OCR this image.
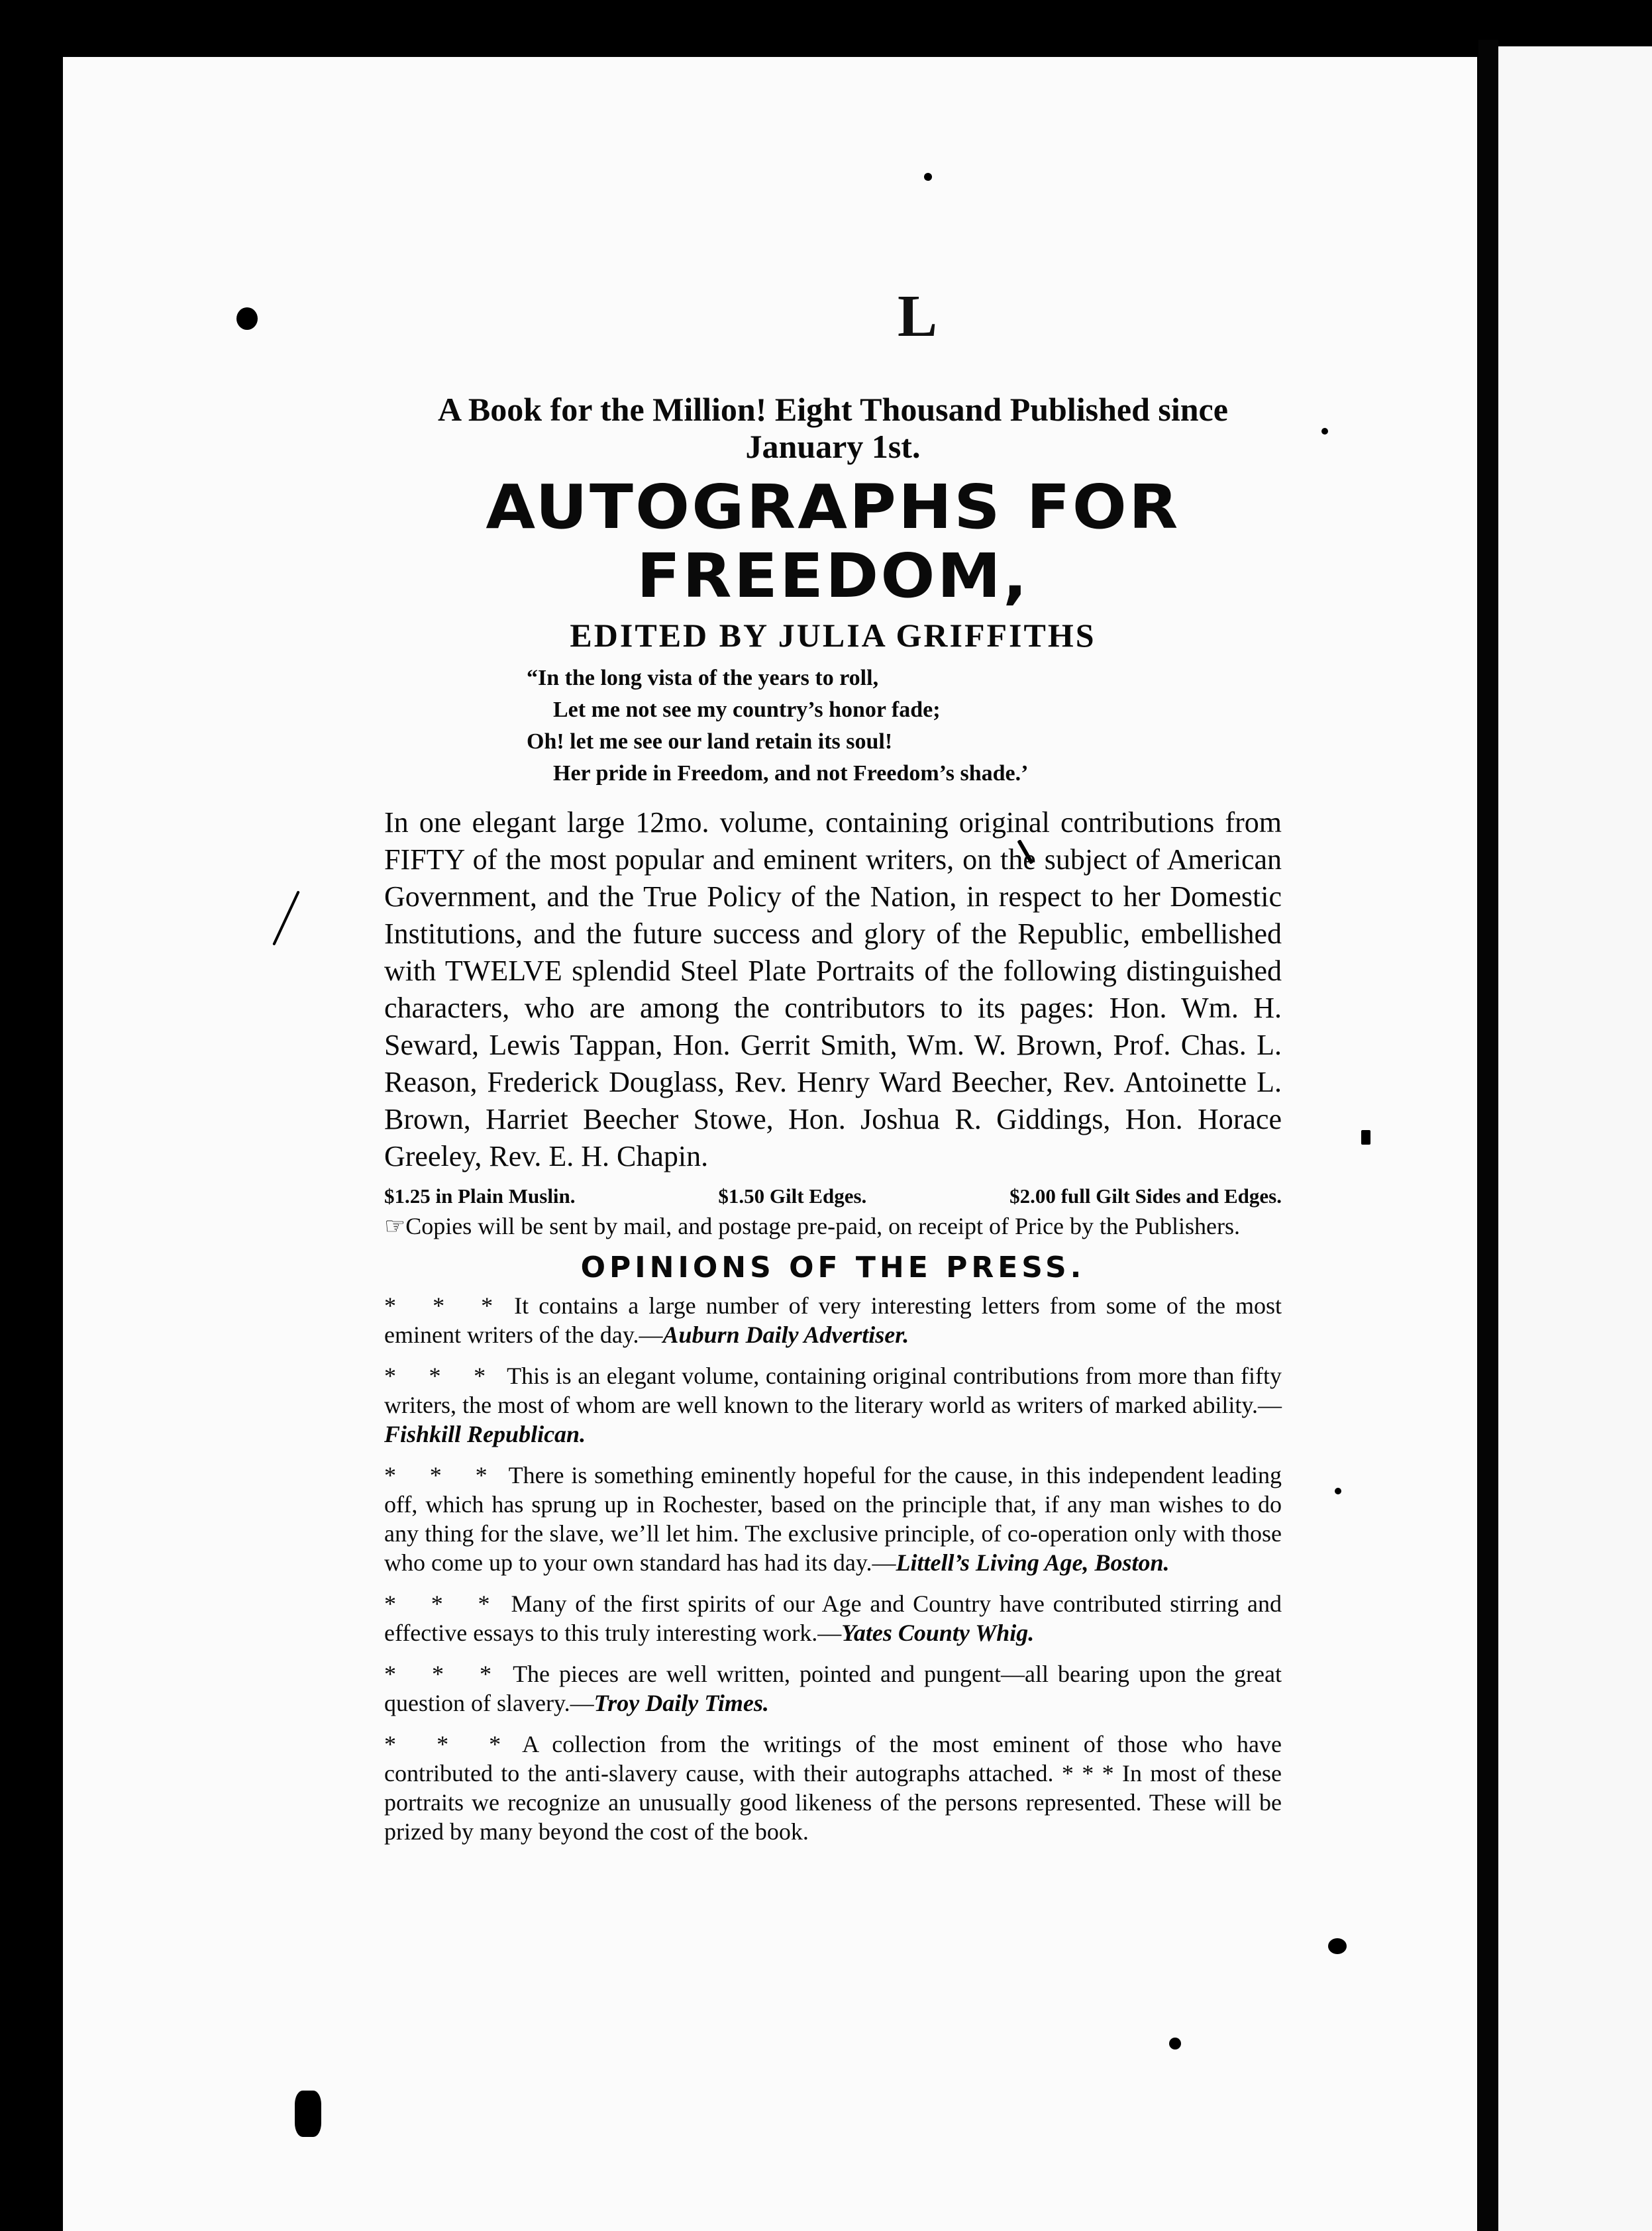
L

A Book for the Million! Eight Thousand Published since January 1st.

AUTOGRAPHS FOR FREEDOM,

EDITED BY JULIA GRIFFITHS

“In the long vista of the years to roll,
Let me not see my country’s honor fade;
Oh! let me see our land retain its soul!
Her pride in Freedom, and not Freedom’s shade.’

In one elegant large 12mo. volume, containing original contributions from FIFTY of the most popular and eminent writers, on the subject of American Government, and the True Policy of the Nation, in respect to her Domestic Institutions, and the future success and glory of the Republic, embellished with TWELVE splendid Steel Plate Portraits of the following distinguished characters, who are among the contributors to its pages: Hon. Wm. H. Seward, Lewis Tappan, Hon. Gerrit Smith, Wm. W. Brown, Prof. Chas. L. Reason, Frederick Douglass, Rev. Henry Ward Beecher, Rev. Antoinette L. Brown, Harriet Beecher Stowe, Hon. Joshua R. Giddings, Hon. Horace Greeley, Rev. E. H. Chapin.

$1.25 in Plain Muslin.	$1.50 Gilt Edges.	$2.00 full Gilt Sides and Edges.

☞Copies will be sent by mail, and postage pre-paid, on receipt of Price by the Publishers.

OPINIONS OF THE PRESS.

* * * It contains a large number of very interesting letters from some of the most eminent writers of the day.—Auburn Daily Advertiser.

* * * This is an elegant volume, containing original contributions from more than fifty writers, the most of whom are well known to the literary world as writers of marked ability.—Fishkill Republican.

* * * There is something eminently hopeful for the cause, in this independent leading off, which has sprung up in Rochester, based on the principle that, if any man wishes to do any thing for the slave, we’ll let him. The exclusive principle, of co-operation only with those who come up to your own standard has had its day.—Littell’s Living Age, Boston.

* * * Many of the first spirits of our Age and Country have contributed stirring and effective essays to this truly interesting work.—Yates County Whig.

* * * The pieces are well written, pointed and pungent—all bearing upon the great question of slavery.—Troy Daily Times.

* * * A collection from the writings of the most eminent of those who have contributed to the anti-slavery cause, with their autographs attached. * * * In most of these portraits we recognize an unusually good likeness of the persons represented. These will be prized by many beyond the cost of the book.
